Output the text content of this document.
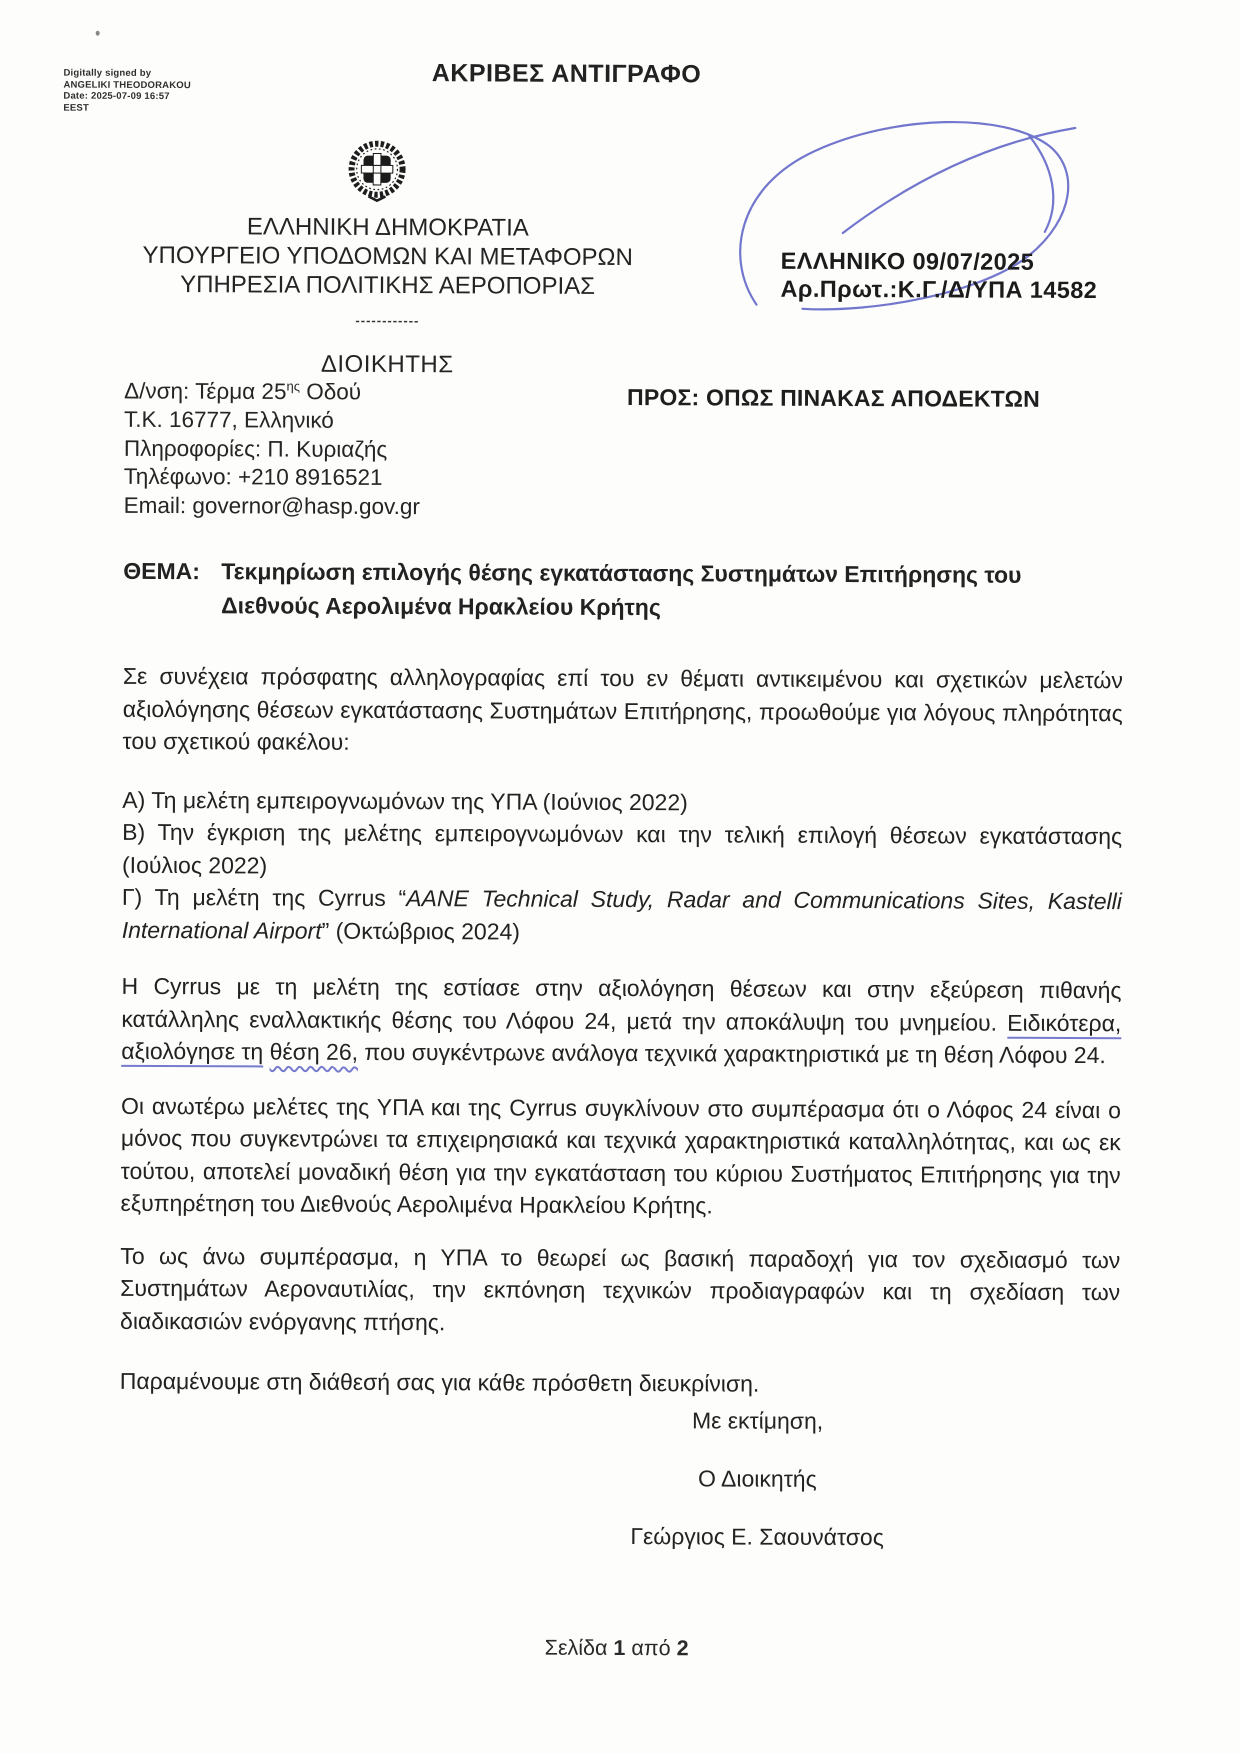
Digitally signed by
ANGELIKI THEODORAKOU
Date: 2025-07-09 16:57
EEST
ΑΚΡΙΒΕΣ ΑΝΤΙΓΡΑΦΟ
ΕΛΛΗΝΙΚΗ ΔΗΜΟΚΡΑΤΙΑ
ΥΠΟΥΡΓΕΙΟ ΥΠΟΔΟΜΩΝ ΚΑΙ ΜΕΤΑΦΟΡΩΝ
ΥΠΗΡΕΣΙΑ ΠΟΛΙΤΙΚΗΣ ΑΕΡΟΠΟΡΙΑΣ
------------
ΔΙΟΙΚΗΤΗΣ
Δ/νση: Τέρμα $25^{\eta\varsigma}$ Οδού
Τ.Κ. 16777, Ελληνικό
Πληροφορίες: Π. Κυριαζής
Τηλέφωνο: +210 8916521
Email: governor@hasp.gov.gr
ΕΛΛΗΝΙΚΟ 09/07/2025
Αρ.Πρωτ.:Κ.Γ./Δ/ΥΠΑ 14582
ΠΡΟΣ: ΟΠΩΣ ΠΙΝΑΚΑΣ ΑΠΟΔΕΚΤΩΝ
ΘΕΜΑ: Τεκμηρίωση επιλογής θέσης εγκατάστασης Συστημάτων Επιτήρησης του Διεθνούς Αερολιμένα Ηρακλείου Κρήτης

Σε συνέχεια πρόσφατης αλληλογραφίας επί του εν θέματι αντικειμένου και σχετικών μελετών αξιολόγησης θέσεων εγκατάστασης Συστημάτων Επιτήρησης, προωθούμε για λόγους πληρότητας του σχετικού φακέλου:

Α) Τη μελέτη εμπειρογνωμόνων της ΥΠΑ (Ιούνιος 2022)

Β) Την έγκριση της μελέτης εμπειρογνωμόνων και την τελική επιλογή θέσεων εγκατάστασης (Ιούλιος 2022)

Γ) Τη μελέτη της Cyrrus “AANE Technical Study, Radar and Communications Sites, Kastelli International Airport” (Οκτώβριος 2024)

Η Cyrrus με τη μελέτη της εστίασε στην αξιολόγηση θέσεων και στην εξεύρεση πιθανής κατάλληλης εναλλακτικής θέσης του Λόφου 24, μετά την αποκάλυψη του μνημείου. Ειδικότερα, αξιολόγησε τη θέση 26, που συγκέντρωνε ανάλογα τεχνικά χαρακτηριστικά με τη θέση Λόφου 24.

Οι ανωτέρω μελέτες της ΥΠΑ και της Cyrrus συγκλίνουν στο συμπέρασμα ότι ο Λόφος 24 είναι ο μόνος που συγκεντρώνει τα επιχειρησιακά και τεχνικά χαρακτηριστικά καταλληλότητας, και ως εκ τούτου, αποτελεί μοναδική θέση για την εγκατάσταση του κύριου Συστήματος Επιτήρησης για την εξυπηρέτηση του Διεθνούς Αερολιμένα Ηρακλείου Κρήτης.

Το ως άνω συμπέρασμα, η ΥΠΑ το θεωρεί ως βασική παραδοχή για τον σχεδιασμό των Συστημάτων Αεροναυτιλίας, την εκπόνηση τεχνικών προδιαγραφών και τη σχεδίαση των διαδικασιών ενόργανης πτήσης.

Παραμένουμε στη διάθεσή σας για κάθε πρόσθετη διευκρίνιση.

Με εκτίμηση,
Ο Διοικητής
Γεώργιος Ε. Σαουνάτσος
Σελίδα 1 από 2
